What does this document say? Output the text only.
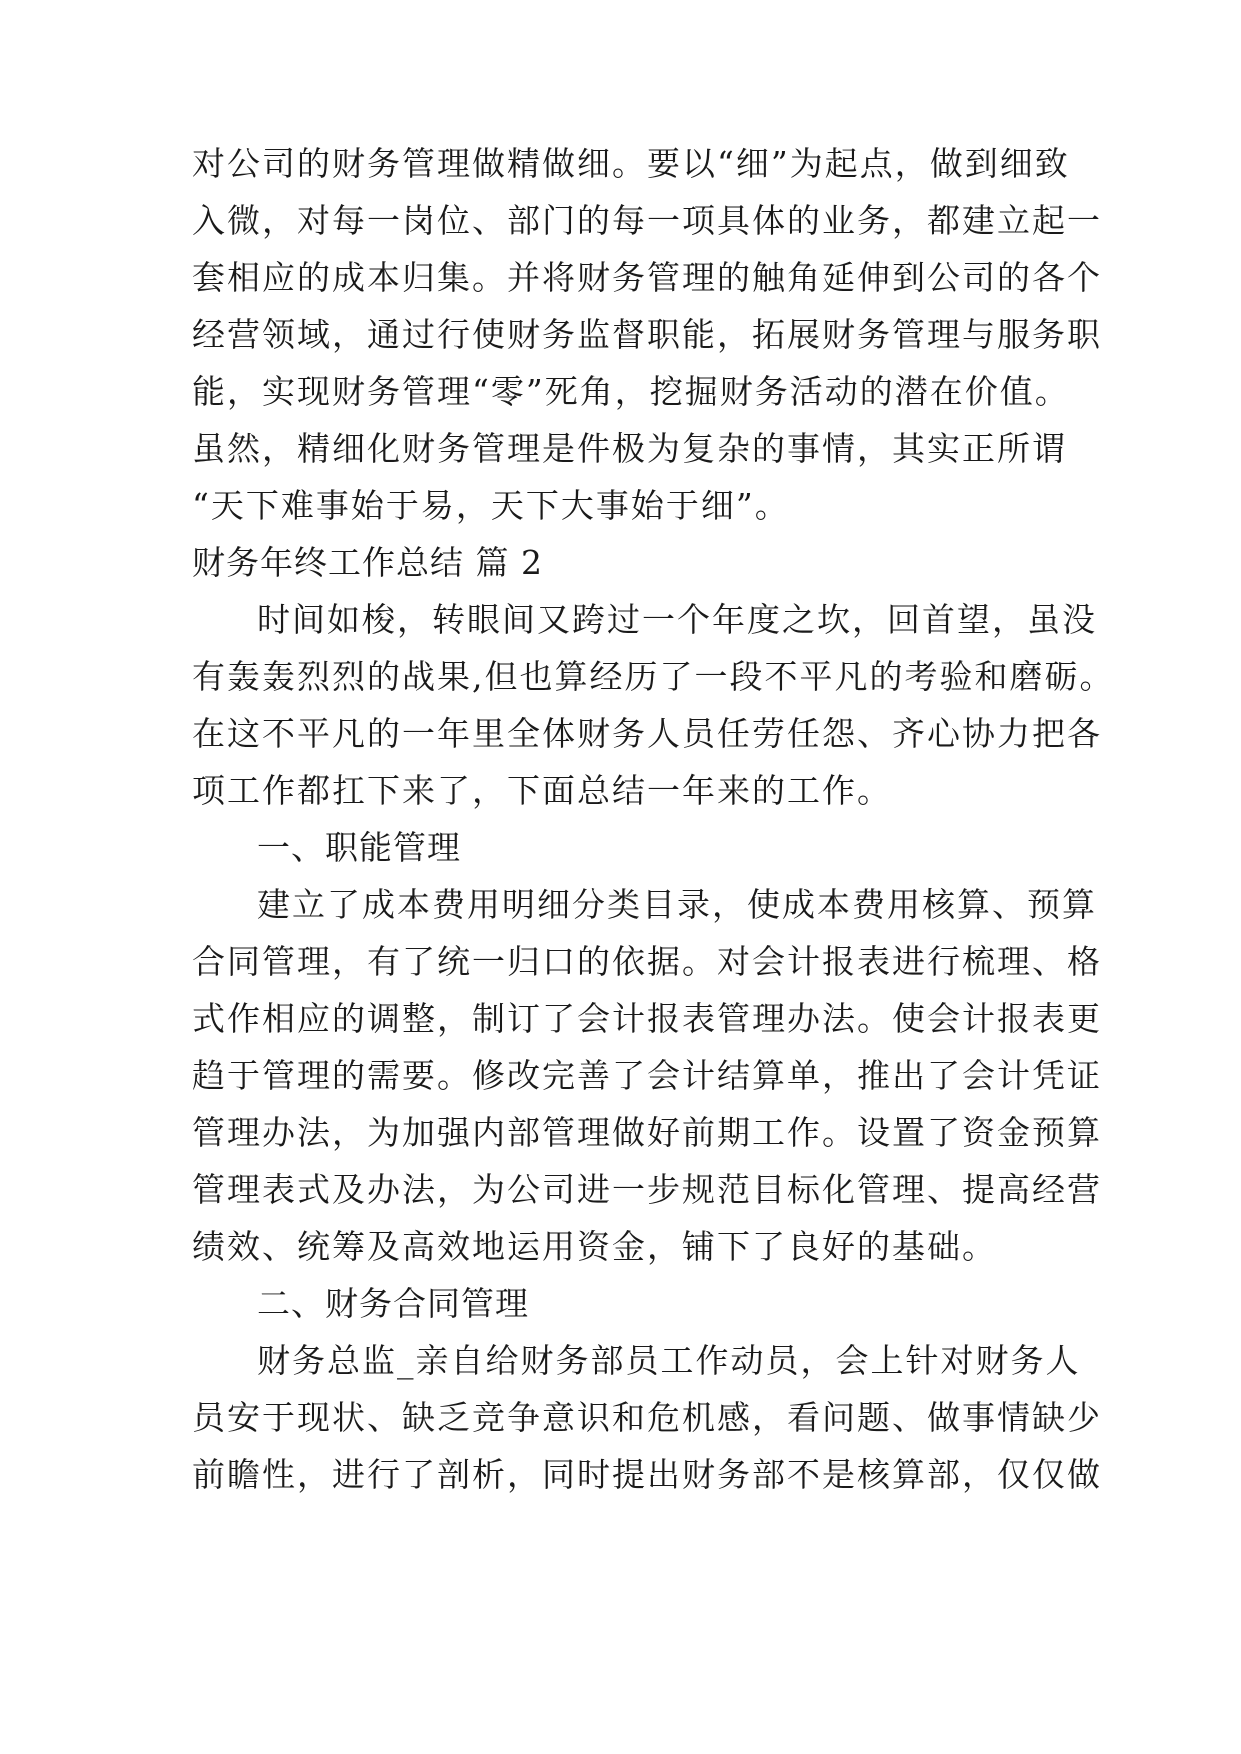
对公司的财务管理做精做细。要以“细”为起点，做到细致
入微，对每一岗位、部门的每一项具体的业务，都建立起一
套相应的成本归集。并将财务管理的触角延伸到公司的各个
经营领域，通过行使财务监督职能，拓展财务管理与服务职
能，实现财务管理“零”死角，挖掘财务活动的潜在价值。
虽然，精细化财务管理是件极为复杂的事情，其实正所谓
“天下难事始于易，天下大事始于细”。
财务年终工作总结 篇 2
时间如梭，转眼间又跨过一个年度之坎，回首望，虽没
有轰轰烈烈的战果,但也算经历了一段不平凡的考验和磨砺。
在这不平凡的一年里全体财务人员任劳任怨、齐心协力把各
项工作都扛下来了，下面总结一年来的工作。
一、职能管理
建立了成本费用明细分类目录，使成本费用核算、预算
合同管理，有了统一归口的依据。对会计报表进行梳理、格
式作相应的调整，制订了会计报表管理办法。使会计报表更
趋于管理的需要。修改完善了会计结算单，推出了会计凭证
管理办法，为加强内部管理做好前期工作。设置了资金预算
管理表式及办法，为公司进一步规范目标化管理、提高经营
绩效、统筹及高效地运用资金，铺下了良好的基础。
二、财务合同管理
财务总监_亲自给财务部员工作动员，会上针对财务人
员安于现状、缺乏竞争意识和危机感，看问题、做事情缺少
前瞻性，进行了剖析，同时提出财务部不是核算部，仅仅做
